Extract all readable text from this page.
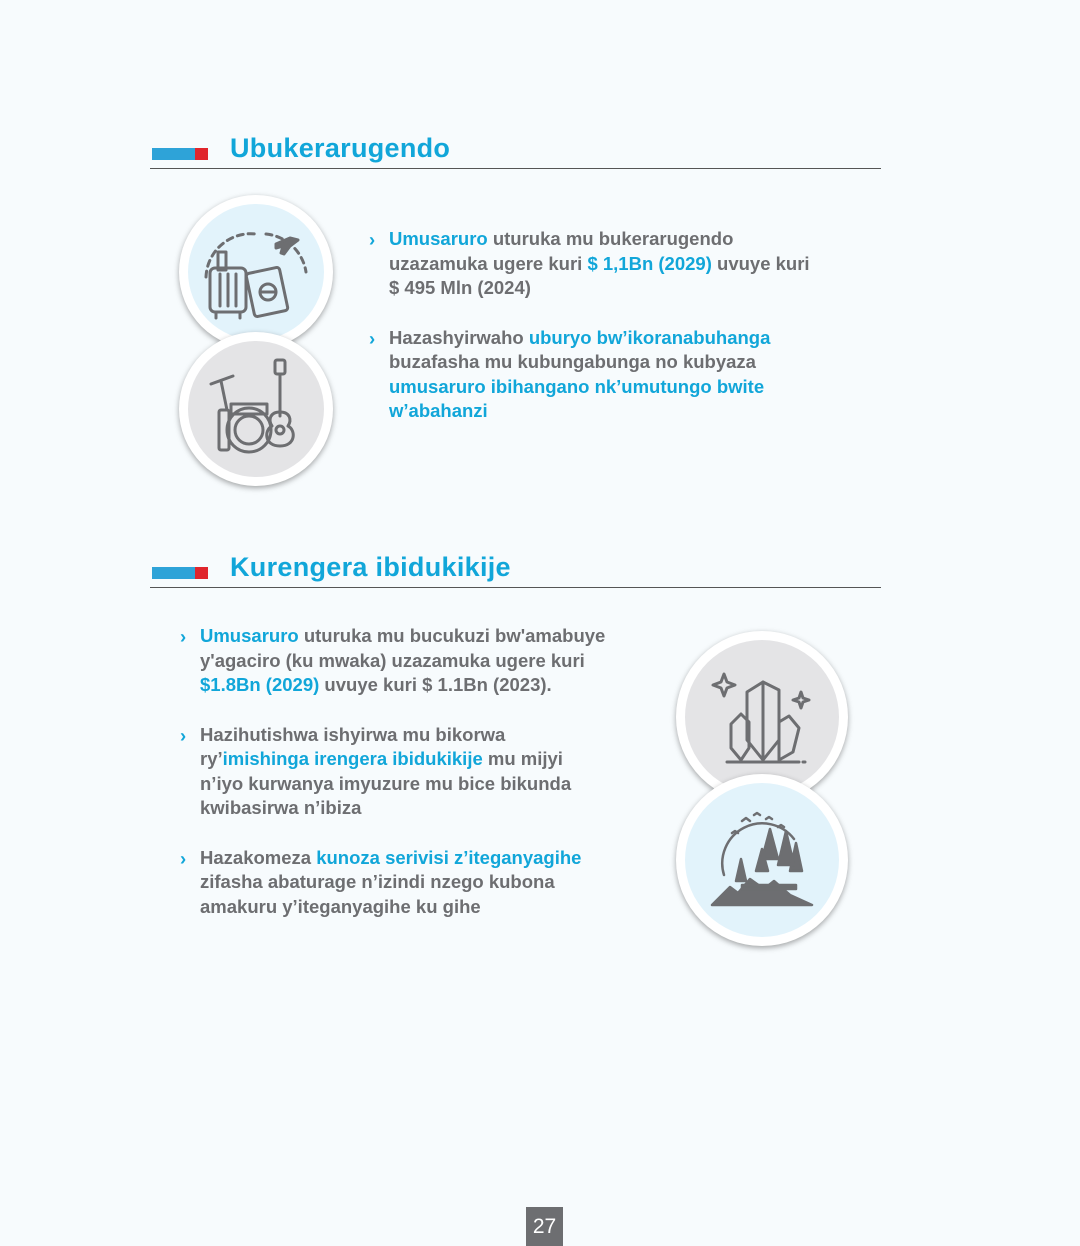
Ubukerarugendo
› Umusaruro uturuka mu bukerarugendo uzazamuka ugere kuri $ 1,1Bn (2029) uvuye kuri $ 495 Mln (2024)
› Hazashyirwaho uburyo bw’ikoranabuhanga buzafasha mu kubungabunga no kubyaza umusaruro ibihangano nk’umutungo bwite w’abahanzi
Kurengera ibidukikije
› Umusaruro uturuka mu bucukuzi bw'amabuye y'agaciro (ku mwaka) uzazamuka ugere kuri $1.8Bn (2029) uvuye kuri $ 1.1Bn (2023).
› Hazihutishwa ishyirwa mu bikorwa ry’imishinga irengera ibidukikije mu mijyi n’iyo kurwanya imyuzure mu bice bikunda kwibasirwa n’ibiza
› Hazakomeza kunoza serivisi z’iteganyagihe zifasha abaturage n’izindi nzego kubona amakuru y’iteganyagihe ku gihe
27
